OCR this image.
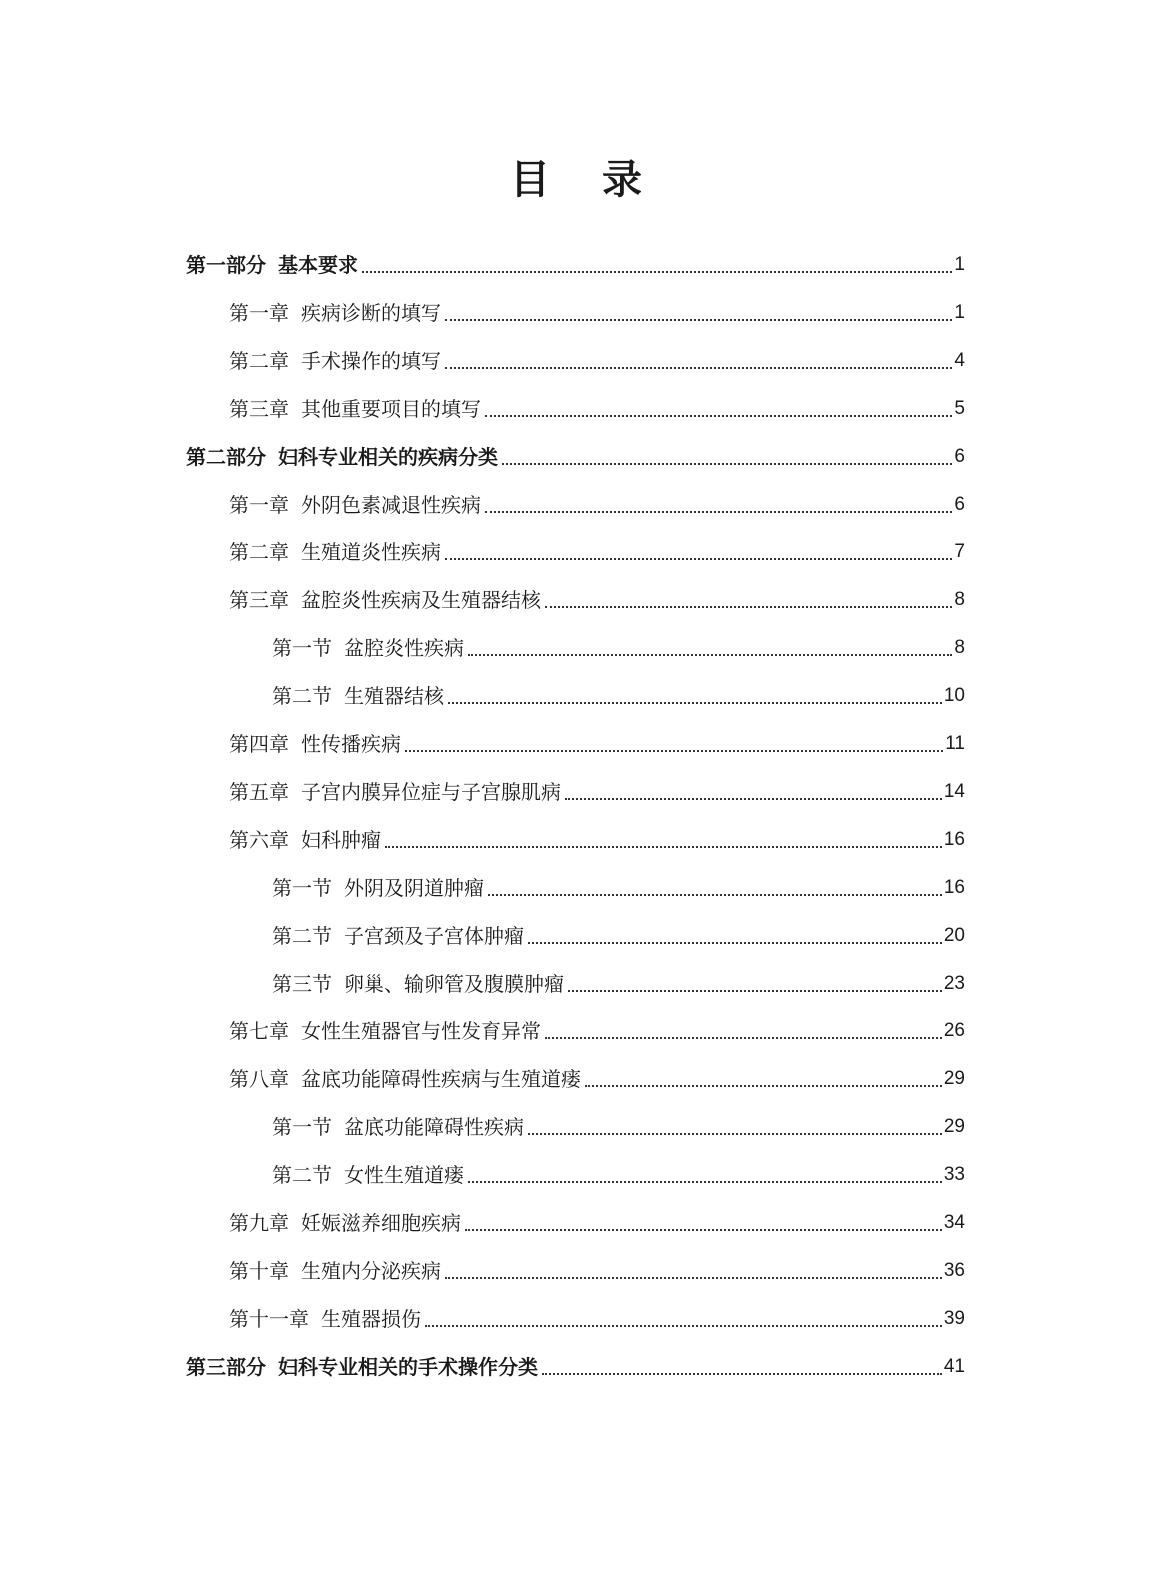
目 录
第一部分 基本要求	1
第一章 疾病诊断的填写	1
第二章 手术操作的填写	4
第三章 其他重要项目的填写	5
第二部分 妇科专业相关的疾病分类	6
第一章 外阴色素减退性疾病	6
第二章 生殖道炎性疾病	7
第三章 盆腔炎性疾病及生殖器结核	8
第一节 盆腔炎性疾病	8
第二节 生殖器结核	10
第四章 性传播疾病	11
第五章 子宫内膜异位症与子宫腺肌病	14
第六章 妇科肿瘤	16
第一节 外阴及阴道肿瘤	16
第二节 子宫颈及子宫体肿瘤	20
第三节 卵巢、输卵管及腹膜肿瘤	23
第七章 女性生殖器官与性发育异常	26
第八章 盆底功能障碍性疾病与生殖道瘘	29
第一节 盆底功能障碍性疾病	29
第二节 女性生殖道瘘	33
第九章 妊娠滋养细胞疾病	34
第十章 生殖内分泌疾病	36
第十一章 生殖器损伤	39
第三部分 妇科专业相关的手术操作分类	41
